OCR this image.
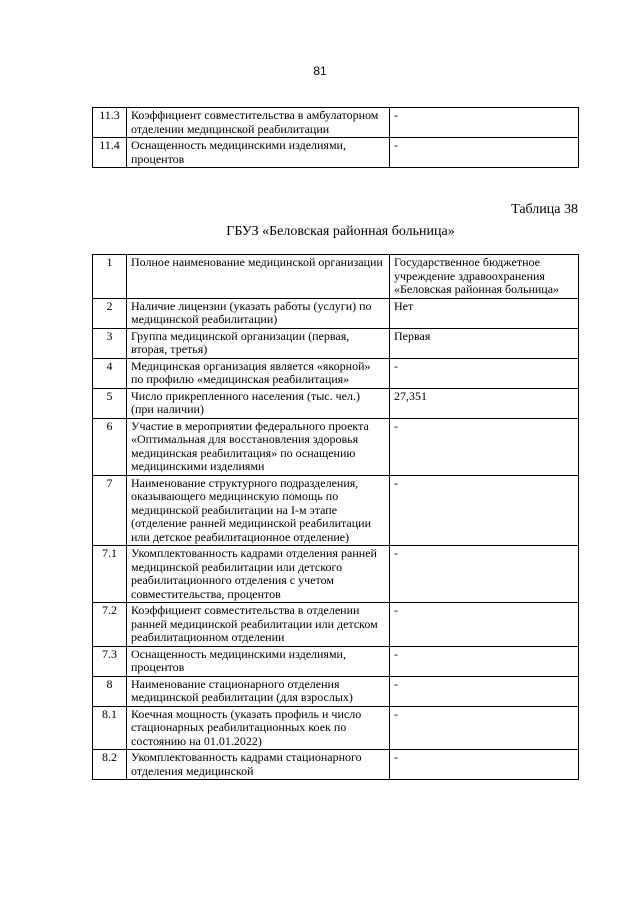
81
11.3	Коэффициент совместительства в амбулаторном отделении медицинской реабилитации	-
11.4	Оснащенность медицинскими изделиями, процентов	-
Таблица 38
ГБУЗ «Беловская районная больница»
1	Полное наименование медицинской организации	Государственное бюджетное учреждение здравоохранения «Беловская районная больница»
2	Наличие лицензии (указать работы (услуги) по медицинской реабилитации)	Нет
3	Группа медицинской организации (первая, вторая, третья)	Первая
4	Медицинская организация является «якорной» по профилю «медицинская реабилитация»	-
5	Число прикрепленного населения (тыс. чел.) (при наличии)	27,351
6	Участие в мероприятии федерального проекта «Оптимальная для восстановления здоровья медицинская реабилитация» по оснащению медицинскими изделиями	-
7	Наименование структурного подразделения, оказывающего медицинскую помощь по медицинской реабилитации на I-м этапе (отделение ранней медицинской реабилитации или детское реабилитационное отделение)	-
7.1	Укомплектованность кадрами отделения ранней медицинской реабилитации или детского реабилитационного отделения с учетом совместительства, процентов	-
7.2	Коэффициент совместительства в отделении ранней медицинской реабилитации или детском реабилитационном отделении	-
7.3	Оснащенность медицинскими изделиями, процентов	-
8	Наименование стационарного отделения медицинской реабилитации (для взрослых)	-
8.1	Коечная мощность (указать профиль и число стационарных реабилитационных коек по состоянию на 01.01.2022)	-
8.2	Укомплектованность кадрами стационарного отделения медицинской	-
